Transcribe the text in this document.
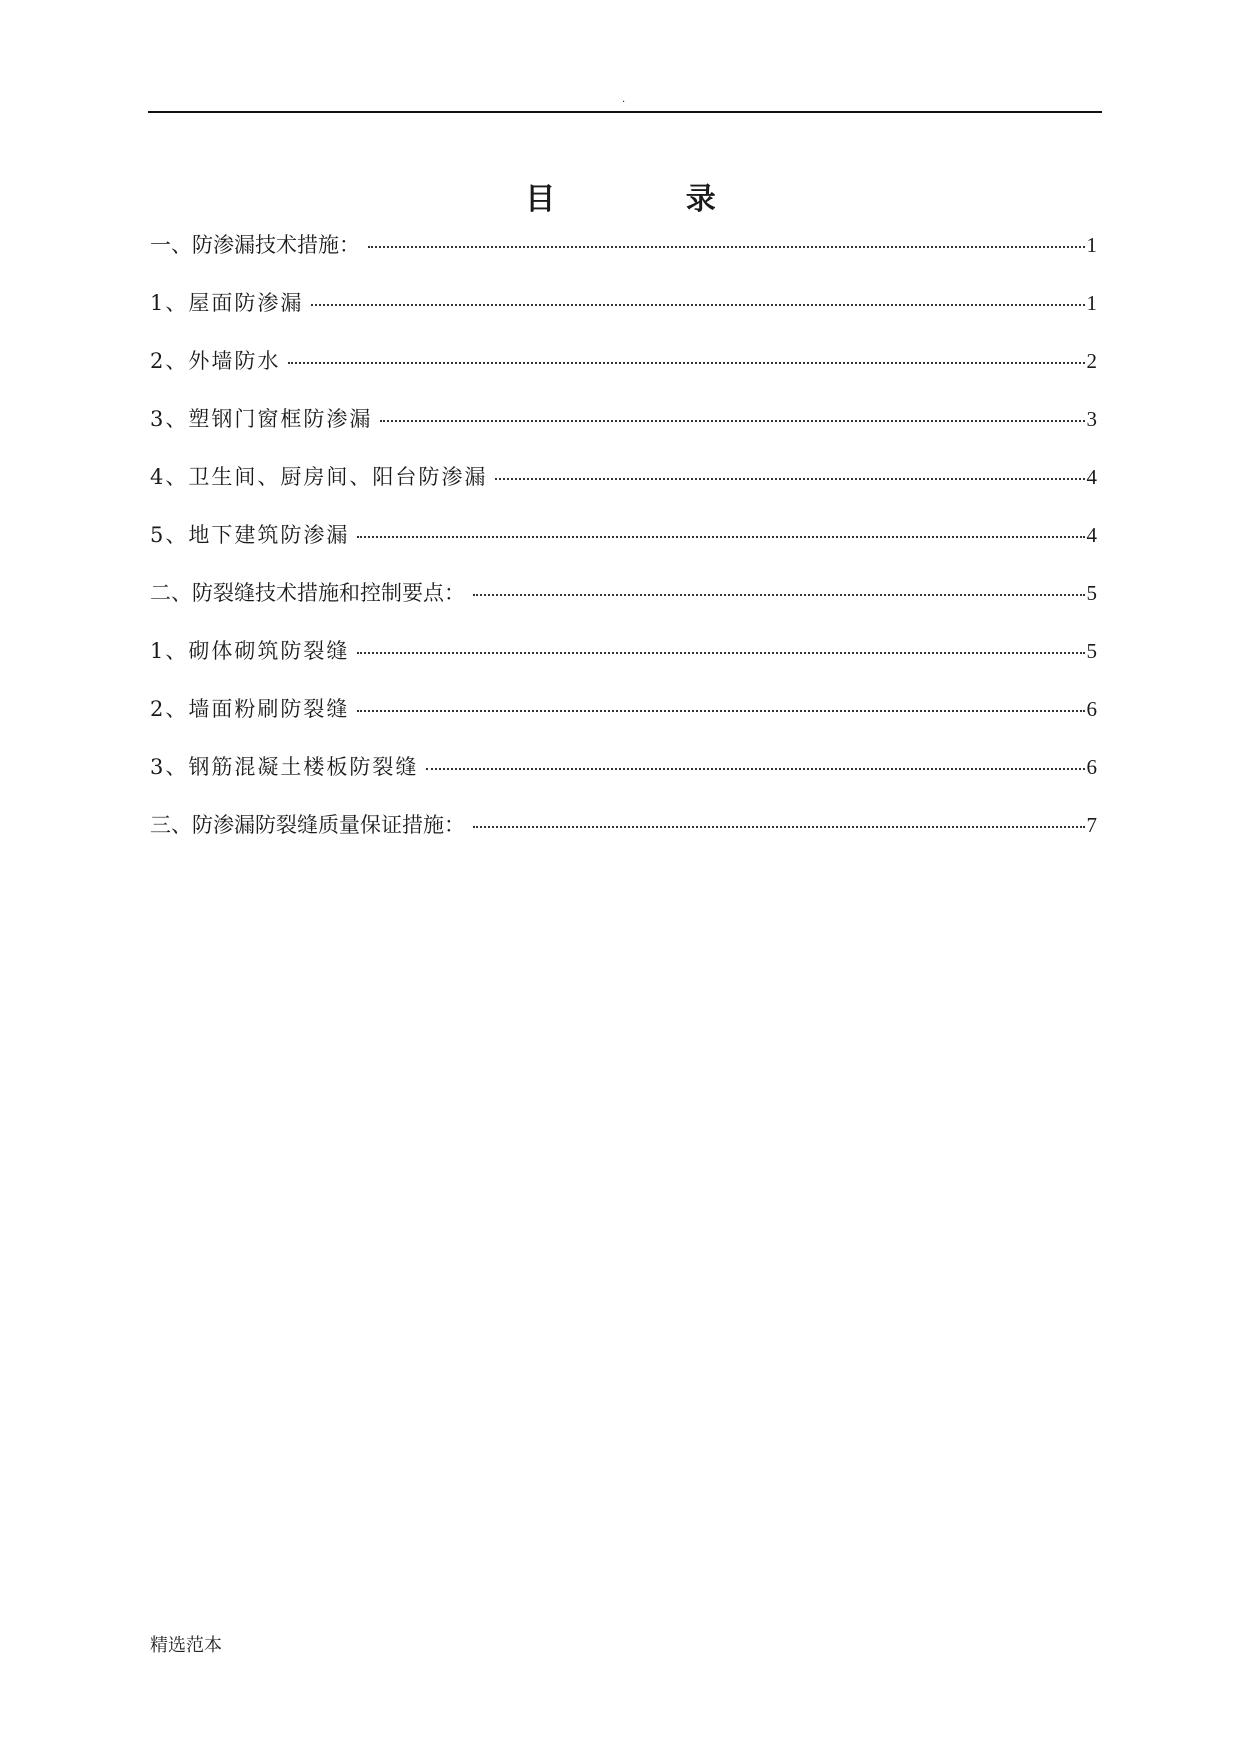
.
目 录
一、防渗漏技术措施：	1
1、屋面防渗漏	1
2、外墙防水	2
3、塑钢门窗框防渗漏	3
4、卫生间、厨房间、阳台防渗漏	4
5、地下建筑防渗漏	4
二、防裂缝技术措施和控制要点：	5
1、砌体砌筑防裂缝	5
2、墙面粉刷防裂缝	6
3、钢筋混凝土楼板防裂缝	6
三、防渗漏防裂缝质量保证措施：	7
精选范本
